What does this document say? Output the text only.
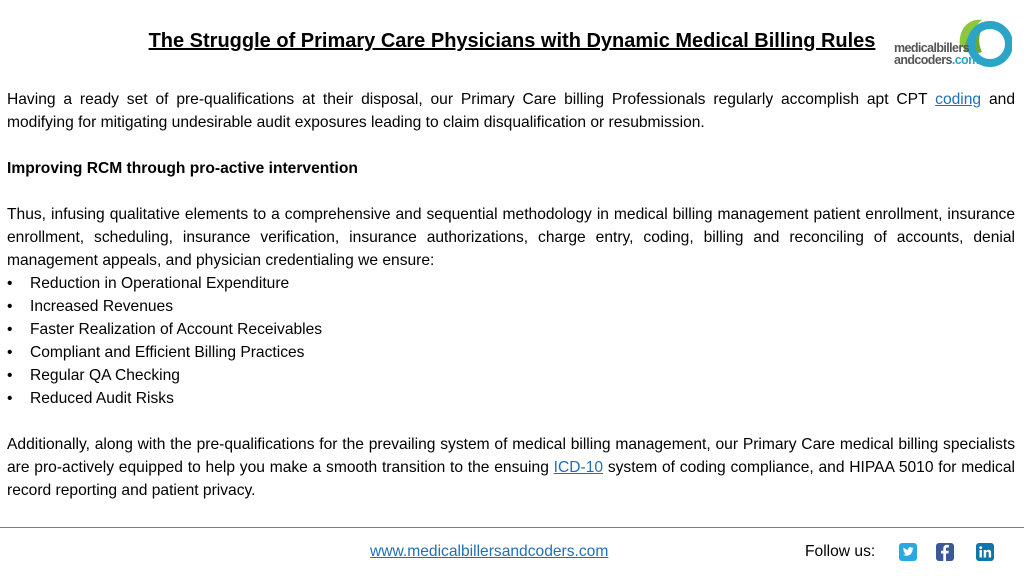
The Struggle of Primary Care Physicians with Dynamic Medical Billing Rules	medicalbillers
andcoders.com

Having a ready set of pre-qualifications at their disposal, our Primary Care billing Professionals regularly accomplish apt CPT coding and modifying for mitigating undesirable audit exposures leading to claim disqualification or resubmission.

Improving RCM through pro-active intervention

Thus, infusing qualitative elements to a comprehensive and sequential methodology in medical billing management patient enrollment, insurance enrollment, scheduling, insurance verification, insurance authorizations, charge entry, coding, billing and reconciling of accounts, denial management appeals, and physician credentialing we ensure:

• Reduction in Operational Expenditure
• Increased Revenues
• Faster Realization of Account Receivables
• Compliant and Efficient Billing Practices
• Regular QA Checking
• Reduced Audit Risks

Additionally, along with the pre-qualifications for the prevailing system of medical billing management, our Primary Care medical billing specialists are pro-actively equipped to help you make a smooth transition to the ensuing ICD-10 system of coding compliance, and HIPAA 5010 for medical record reporting and patient privacy.

www.medicalbillersandcoders.com	Follow us:
